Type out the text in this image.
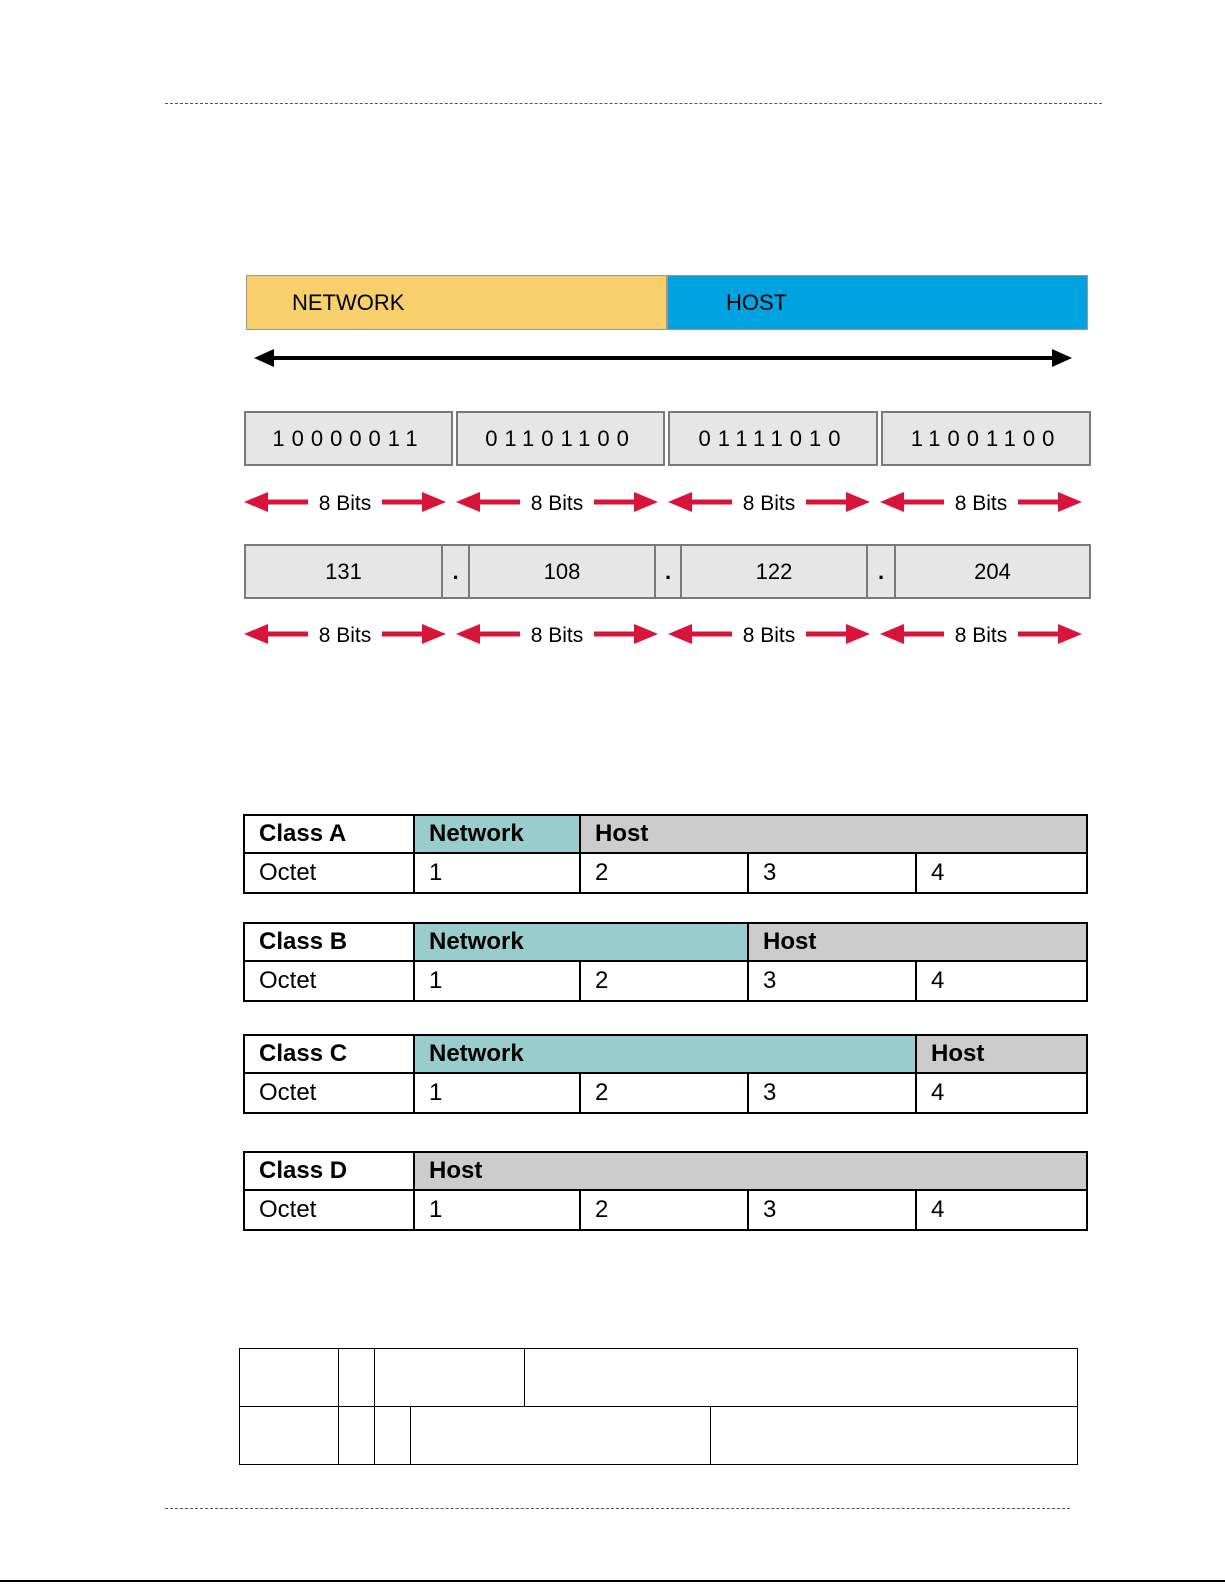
NETWORK	HOST
10000011	01101100	01111010	11001100
8 Bits	8 Bits	8 Bits	8 Bits
8 Bits	8 Bits	8 Bits	8 Bits
131	.	108	.	122	.	204
Class A	Network	Host		
Octet	1	2	3	4
Class B	Network		Host	
Octet	1	2	3	4
Class C	Network			Host
Octet	1	2	3	4
Class D	Host			
Octet	1	2	3	4
